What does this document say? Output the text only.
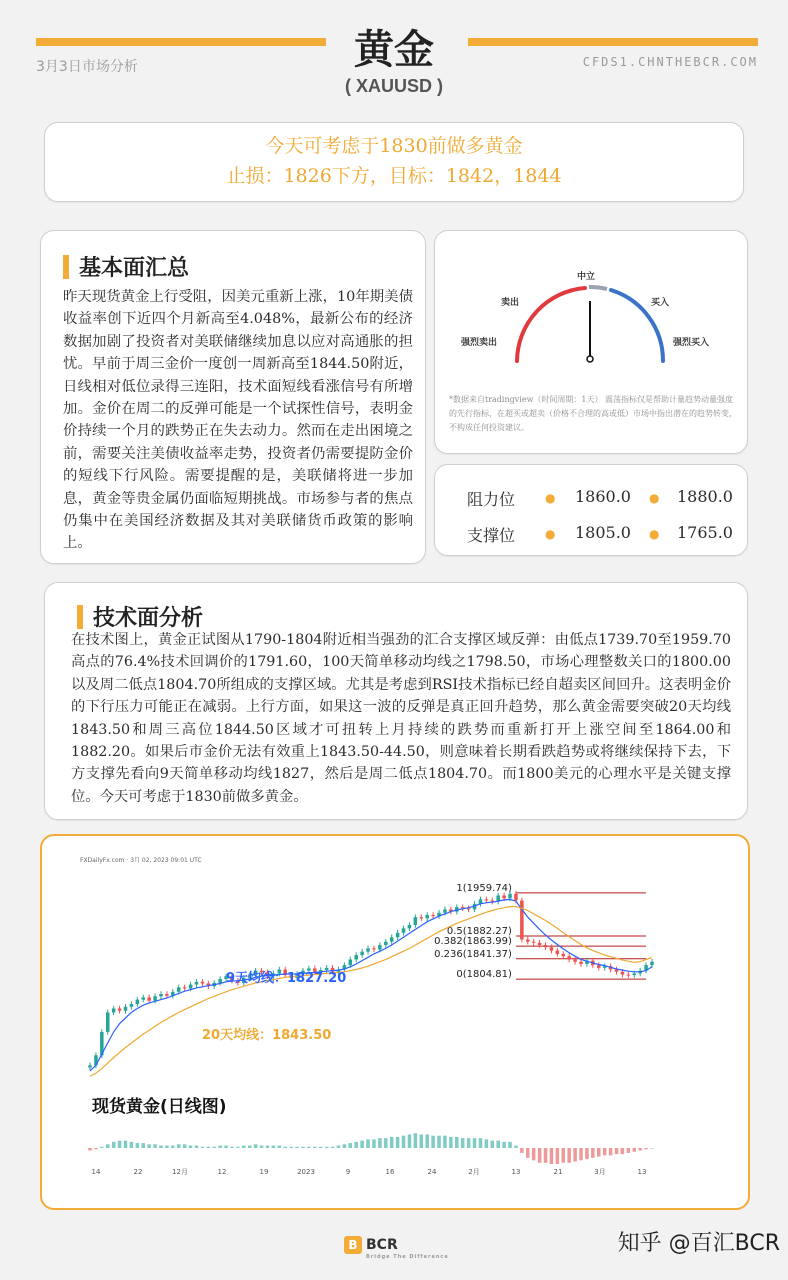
黄金
( XAUUSD )
3月3日市场分析	CFDS1.CHNTHEBCR.COM
今天可考虑于1830前做多黄金
止损：1826下方，目标：1842，1844
基本面汇总
昨天现货黄金上行受阻，因美元重新上涨，10年期美债收益率创下近四个月新高至4.048%，最新公布的经济数据加剧了投资者对美联储继续加息以应对高通胀的担忧。早前于周三金价一度创一周新高至1844.50附近，日线相对低位录得三连阳，技术面短线看涨信号有所增加。金价在周二的反弹可能是一个试探性信号，表明金价持续一个月的跌势正在失去动力。然而在走出困境之前，需要关注美债收益率走势，投资者仍需要提防金价的短线下行风险。需要提醒的是，美联储将进一步加息，黄金等贵金属仍面临短期挑战。市场参与者的焦点仍集中在美国经济数据及其对美联储货币政策的影响上。
强烈卖出
卖出
中立
买入
强烈买入
*数据来自tradingview（时间周期：1天） 震荡指标仅是帮助计量趋势动量强度的先行指标，在超买或超卖（价格不合理的高或低）市场中指出潜在的趋势转变，不构成任何投资建议。
阻力位 ● 1860.0 ● 1880.0
支撑位 ● 1805.0 ● 1765.0
技术面分析
在技术图上，黄金正试图从1790-1804附近相当强劲的汇合支撑区域反弹：由低点1739.70至1959.70高点的76.4%技术回调价的1791.60，100天简单移动均线之1798.50，市场心理整数关口的1800.00以及周二低点1804.70所组成的支撑区域。尤其是考虑到RSI技术指标已经自超卖区间回升。这表明金价的下行压力可能正在减弱。上行方面，如果这一波的反弹是真正回升趋势，那么黄金需要突破20天均线1843.50和周三高位1844.50区域才可扭转上月持续的跌势而重新打开上涨空间至1864.00和1882.20。如果后市金价无法有效重上1843.50-44.50，则意味着长期看跌趋势或将继续保持下去，下方支撑先看向9天简单移动均线1827，然后是周二低点1804.70。而1800美元的心理水平是关键支撑位。今天可考虑于1830前做多黄金。
FXDailyFx.com · 3月 02, 2023 09:01 UTC
1(1959.74)
0.5(1882.27)
0.382(1863.99)
0.236(1841.37)
0(1804.81)
14	22	12月	12	19	2023	9	16	24	2月	13	21	3月	13
9天均线：1827.20
20天均线：1843.50
现货黄金(日线图)
B BCR
Bridge The Difference
知乎 @百汇BCR
